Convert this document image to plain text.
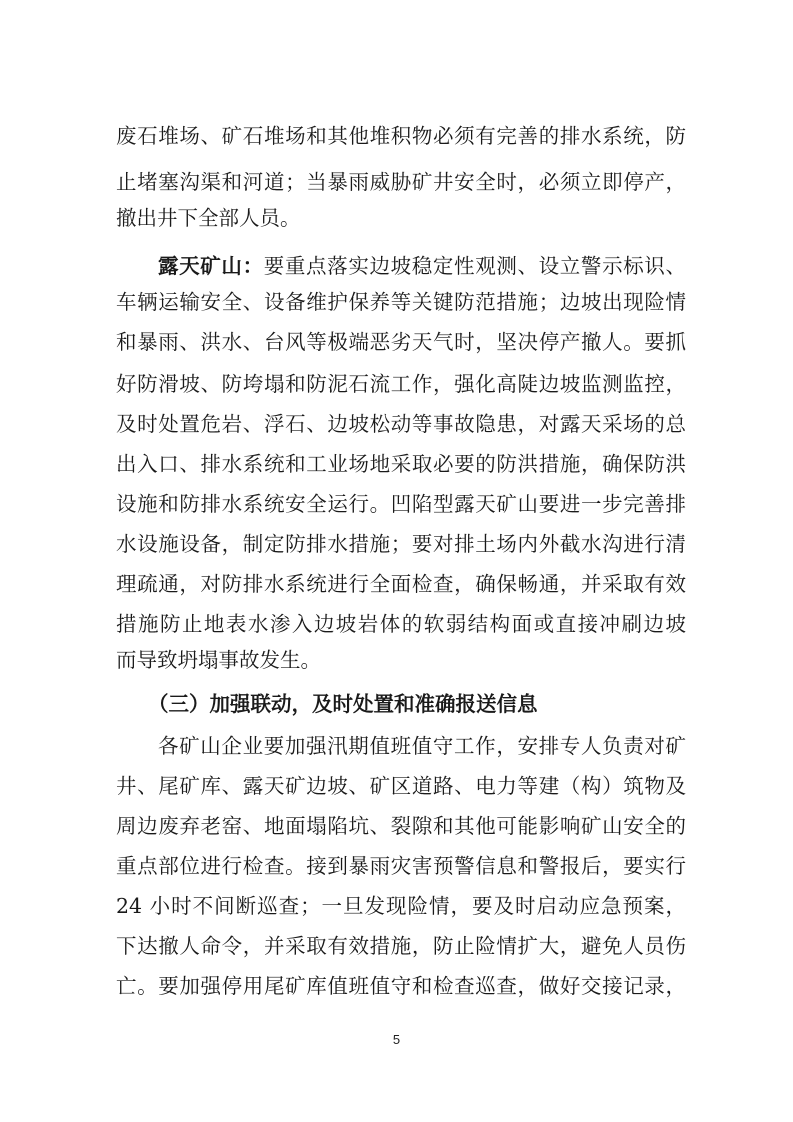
废石堆场、矿石堆场和其他堆积物必须有完善的排水系统，防
止堵塞沟渠和河道；当暴雨威胁矿井安全时，必须立即停产，
撤出井下全部人员。
露天矿山：要重点落实边坡稳定性观测、设立警示标识、
车辆运输安全、设备维护保养等关键防范措施；边坡出现险情
和暴雨、洪水、台风等极端恶劣天气时，坚决停产撤人。要抓
好防滑坡、防垮塌和防泥石流工作，强化高陡边坡监测监控，
及时处置危岩、浮石、边坡松动等事故隐患，对露天采场的总
出入口、排水系统和工业场地采取必要的防洪措施，确保防洪
设施和防排水系统安全运行。凹陷型露天矿山要进一步完善排
水设施设备，制定防排水措施；要对排土场内外截水沟进行清
理疏通，对防排水系统进行全面检查，确保畅通，并采取有效
措施防止地表水渗入边坡岩体的软弱结构面或直接冲刷边坡
而导致坍塌事故发生。
（三）加强联动，及时处置和准确报送信息
各矿山企业要加强汛期值班值守工作，安排专人负责对矿
井、尾矿库、露天矿边坡、矿区道路、电力等建（构）筑物及
周边废弃老窑、地面塌陷坑、裂隙和其他可能影响矿山安全的
重点部位进行检查。接到暴雨灾害预警信息和警报后，要实行
24 小时不间断巡查；一旦发现险情，要及时启动应急预案，
下达撤人命令，并采取有效措施，防止险情扩大，避免人员伤
亡。要加强停用尾矿库值班值守和检查巡查，做好交接记录，
5
